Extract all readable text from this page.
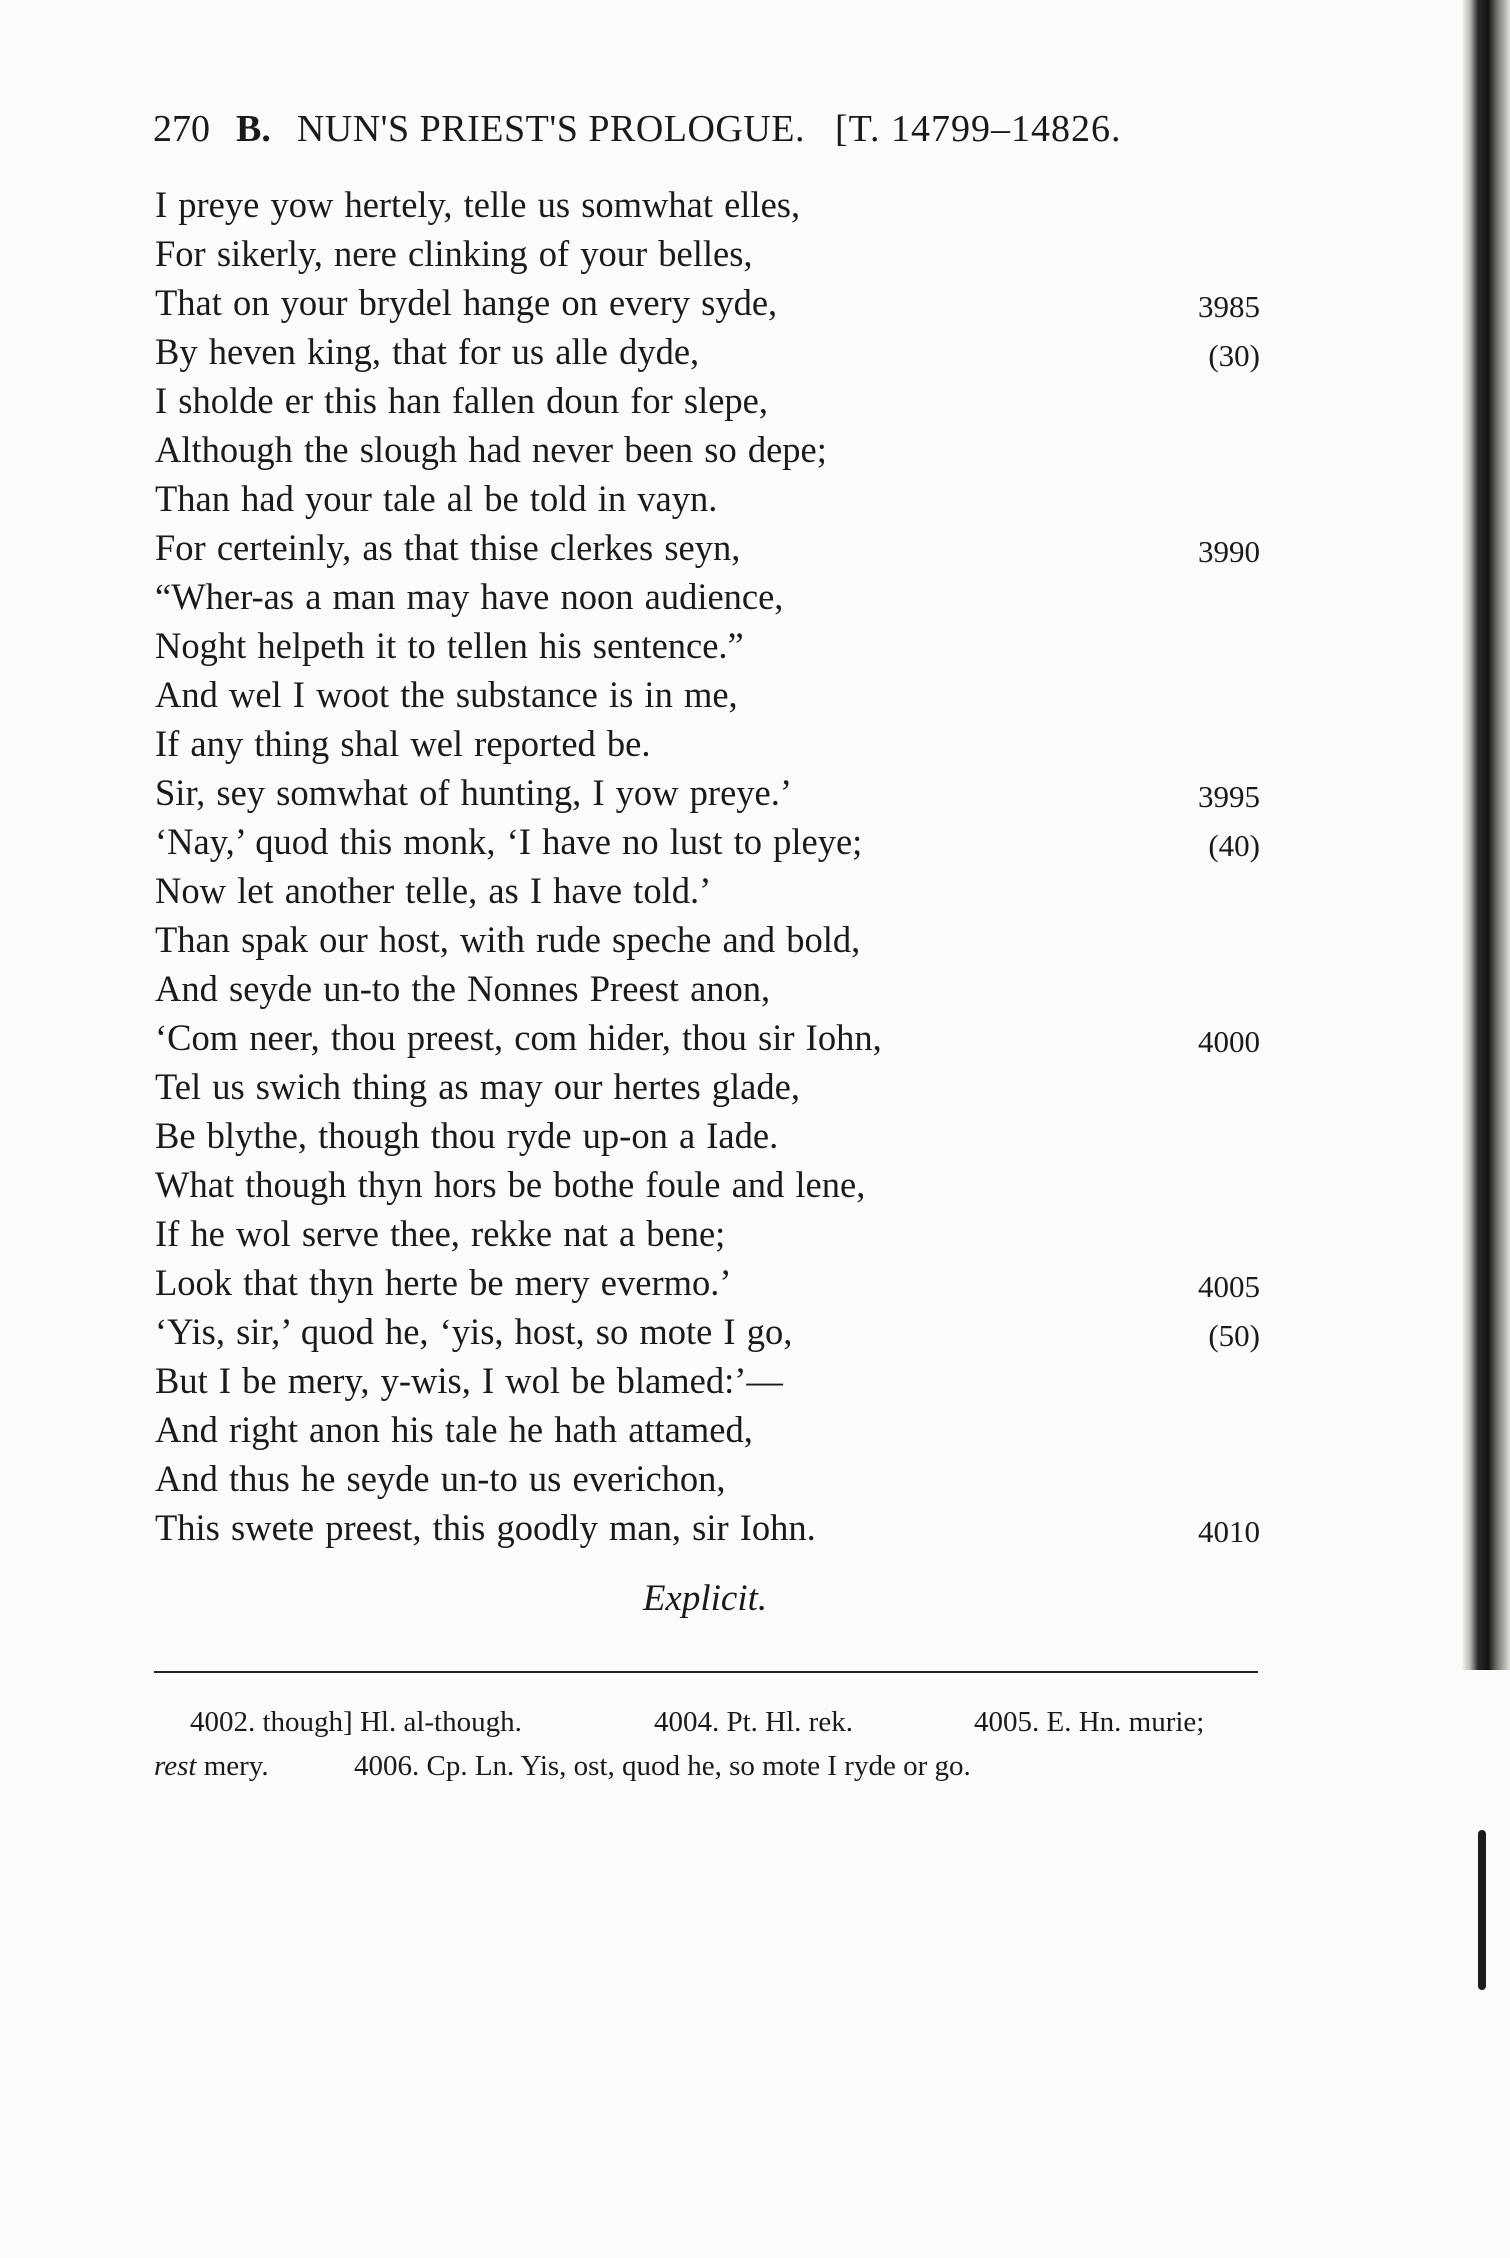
270 B. NUN'S PRIEST'S PROLOGUE. [T. 14799–14826.
I preye yow hertely, telle us somwhat elles,
For sikerly, nere clinking of your belles,
That on your brydel hange on every syde,	3985
By heven king, that for us alle dyde,	(30)
I sholde er this han fallen doun for slepe,
Although the slough had never been so depe;
Than had your tale al be told in vayn.
For certeinly, as that thise clerkes seyn,	3990
“Wher-as a man may have noon audience,
Noght helpeth it to tellen his sentence.”
And wel I woot the substance is in me,
If any thing shal wel reported be.
Sir, sey somwhat of hunting, I yow preye.’	3995
‘Nay,’ quod this monk, ‘I have no lust to pleye;	(40)
Now let another telle, as I have told.’
Than spak our host, with rude speche and bold,
And seyde un-to the Nonnes Preest anon,
‘Com neer, thou preest, com hider, thou sir Iohn,	4000
Tel us swich thing as may our hertes glade,
Be blythe, though thou ryde up-on a Iade.
What though thyn hors be bothe foule and lene,
If he wol serve thee, rekke nat a bene;
Look that thyn herte be mery evermo.’	4005
‘Yis, sir,’ quod he, ‘yis, host, so mote I go,	(50)
But I be mery, y-wis, I wol be blamed:’—
And right anon his tale he hath attamed,
And thus he seyde un-to us everichon,
This swete preest, this goodly man, sir Iohn.	4010
Explicit.
4002. though] Hl. al-though.	4004. Pt. Hl. rek.	4005. E. Hn. murie;
rest mery.	4006. Cp. Ln. Yis, ost, quod he, so mote I ryde or go.
